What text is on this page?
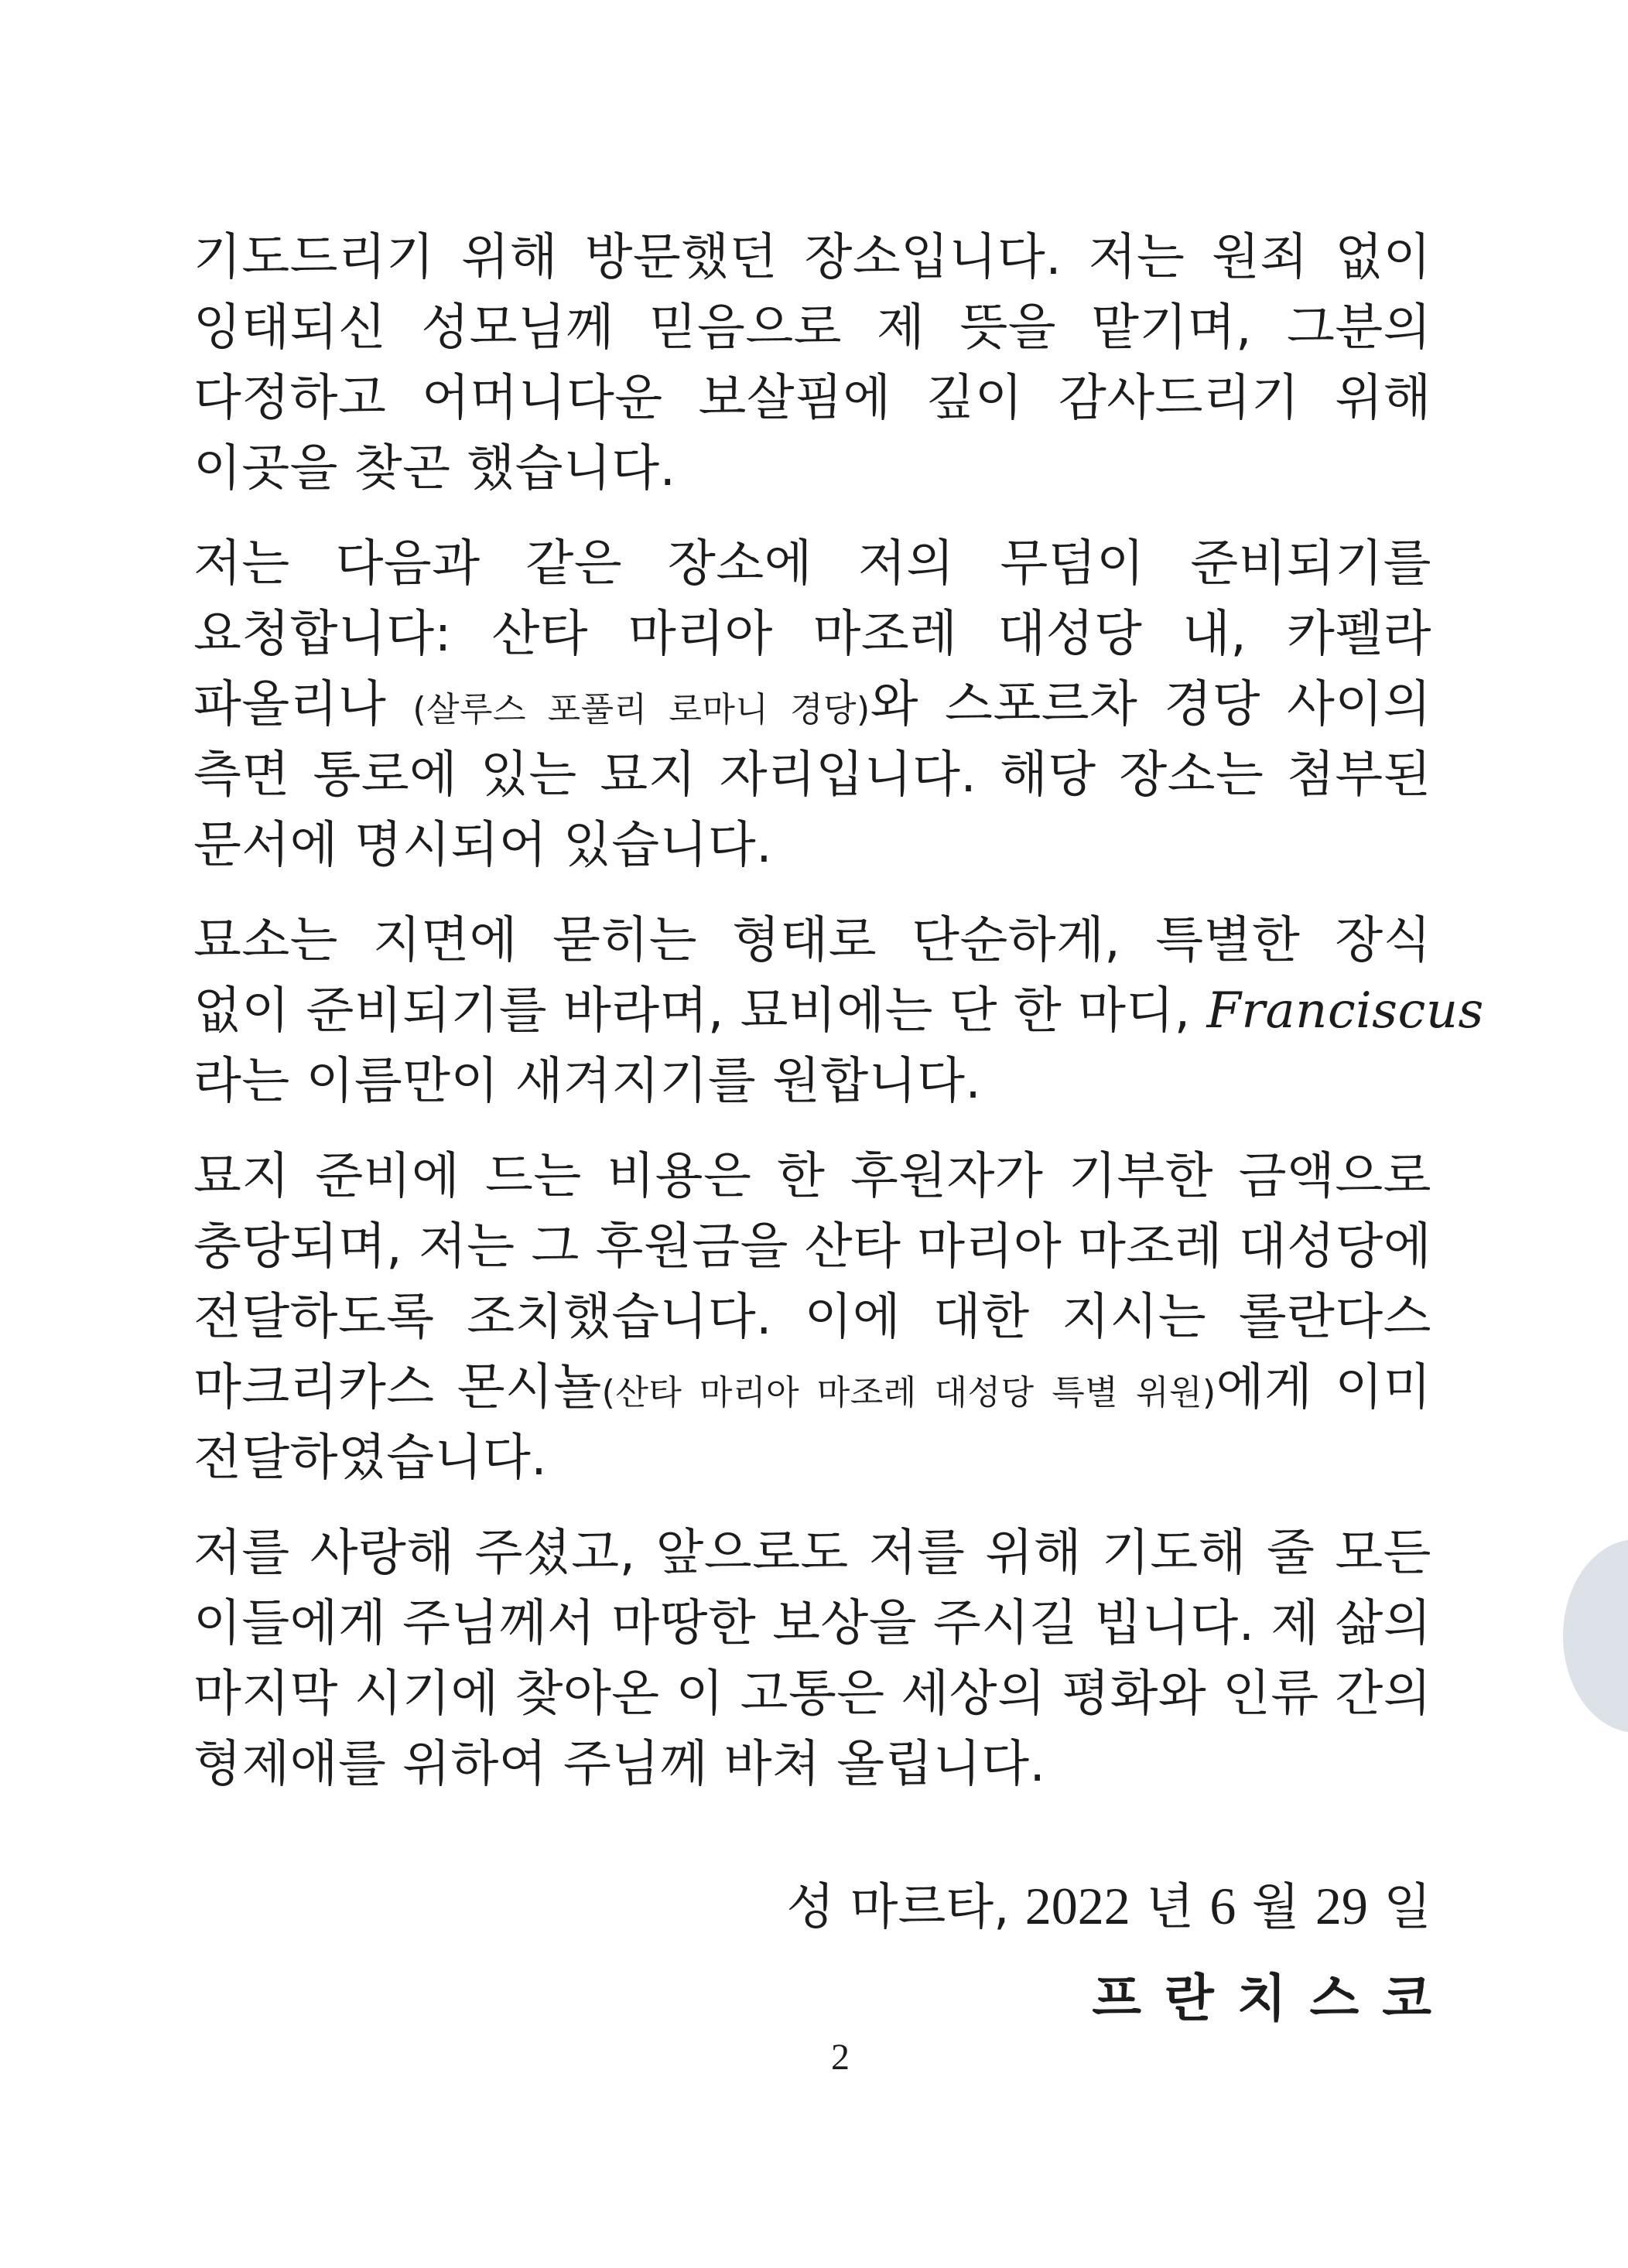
기도드리기 위해 방문했던 장소입니다. 저는 원죄 없이
잉태되신 성모님께 믿음으로 제 뜻을 맡기며, 그분의
다정하고 어머니다운 보살핌에 깊이 감사드리기 위해
이곳을 찾곤 했습니다.
저는 다음과 같은 장소에 저의 무덤이 준비되기를
요청합니다: 산타 마리아 마조레 대성당 내, 카펠라
파올리나 (살루스 포풀리 로마니 경당)와 스포르차 경당 사이의
측면 통로에 있는 묘지 자리입니다. 해당 장소는 첨부된
문서에 명시되어 있습니다.
묘소는 지면에 묻히는 형태로 단순하게, 특별한 장식
없이 준비되기를 바라며, 묘비에는 단 한 마디, Franciscus
라는 이름만이 새겨지기를 원합니다.
묘지 준비에 드는 비용은 한 후원자가 기부한 금액으로
충당되며, 저는 그 후원금을 산타 마리아 마조레 대성당에
전달하도록 조치했습니다. 이에 대한 지시는 롤란다스
마크리카스 몬시뇰(산타 마리아 마조레 대성당 특별 위원)에게 이미
전달하였습니다.
저를 사랑해 주셨고, 앞으로도 저를 위해 기도해 줄 모든
이들에게 주님께서 마땅한 보상을 주시길 빕니다. 제 삶의
마지막 시기에 찾아온 이 고통은 세상의 평화와 인류 간의
형제애를 위하여 주님께 바쳐 올립니다.
성 마르타, 2022 년 6 월 29 일
프란치스코
2
